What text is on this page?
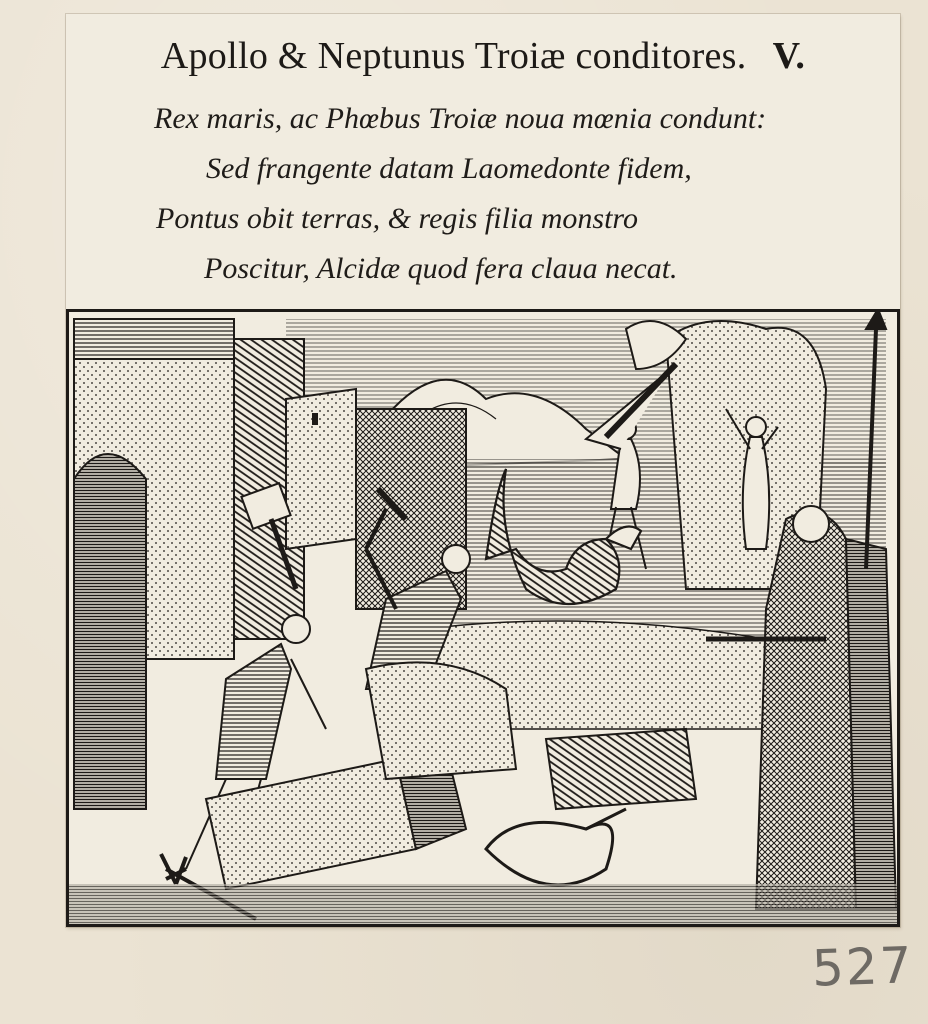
Apollo & Neptunus Troiæ conditores. V.
Rex maris, ac Phœbus Troiæ noua mœnia condunt:
Sed frangente datam Laomedonte fidem,
Pontus obit terras, & regis filia monstro
Poscitur, Alcidæ quod fera claua necat.
527
